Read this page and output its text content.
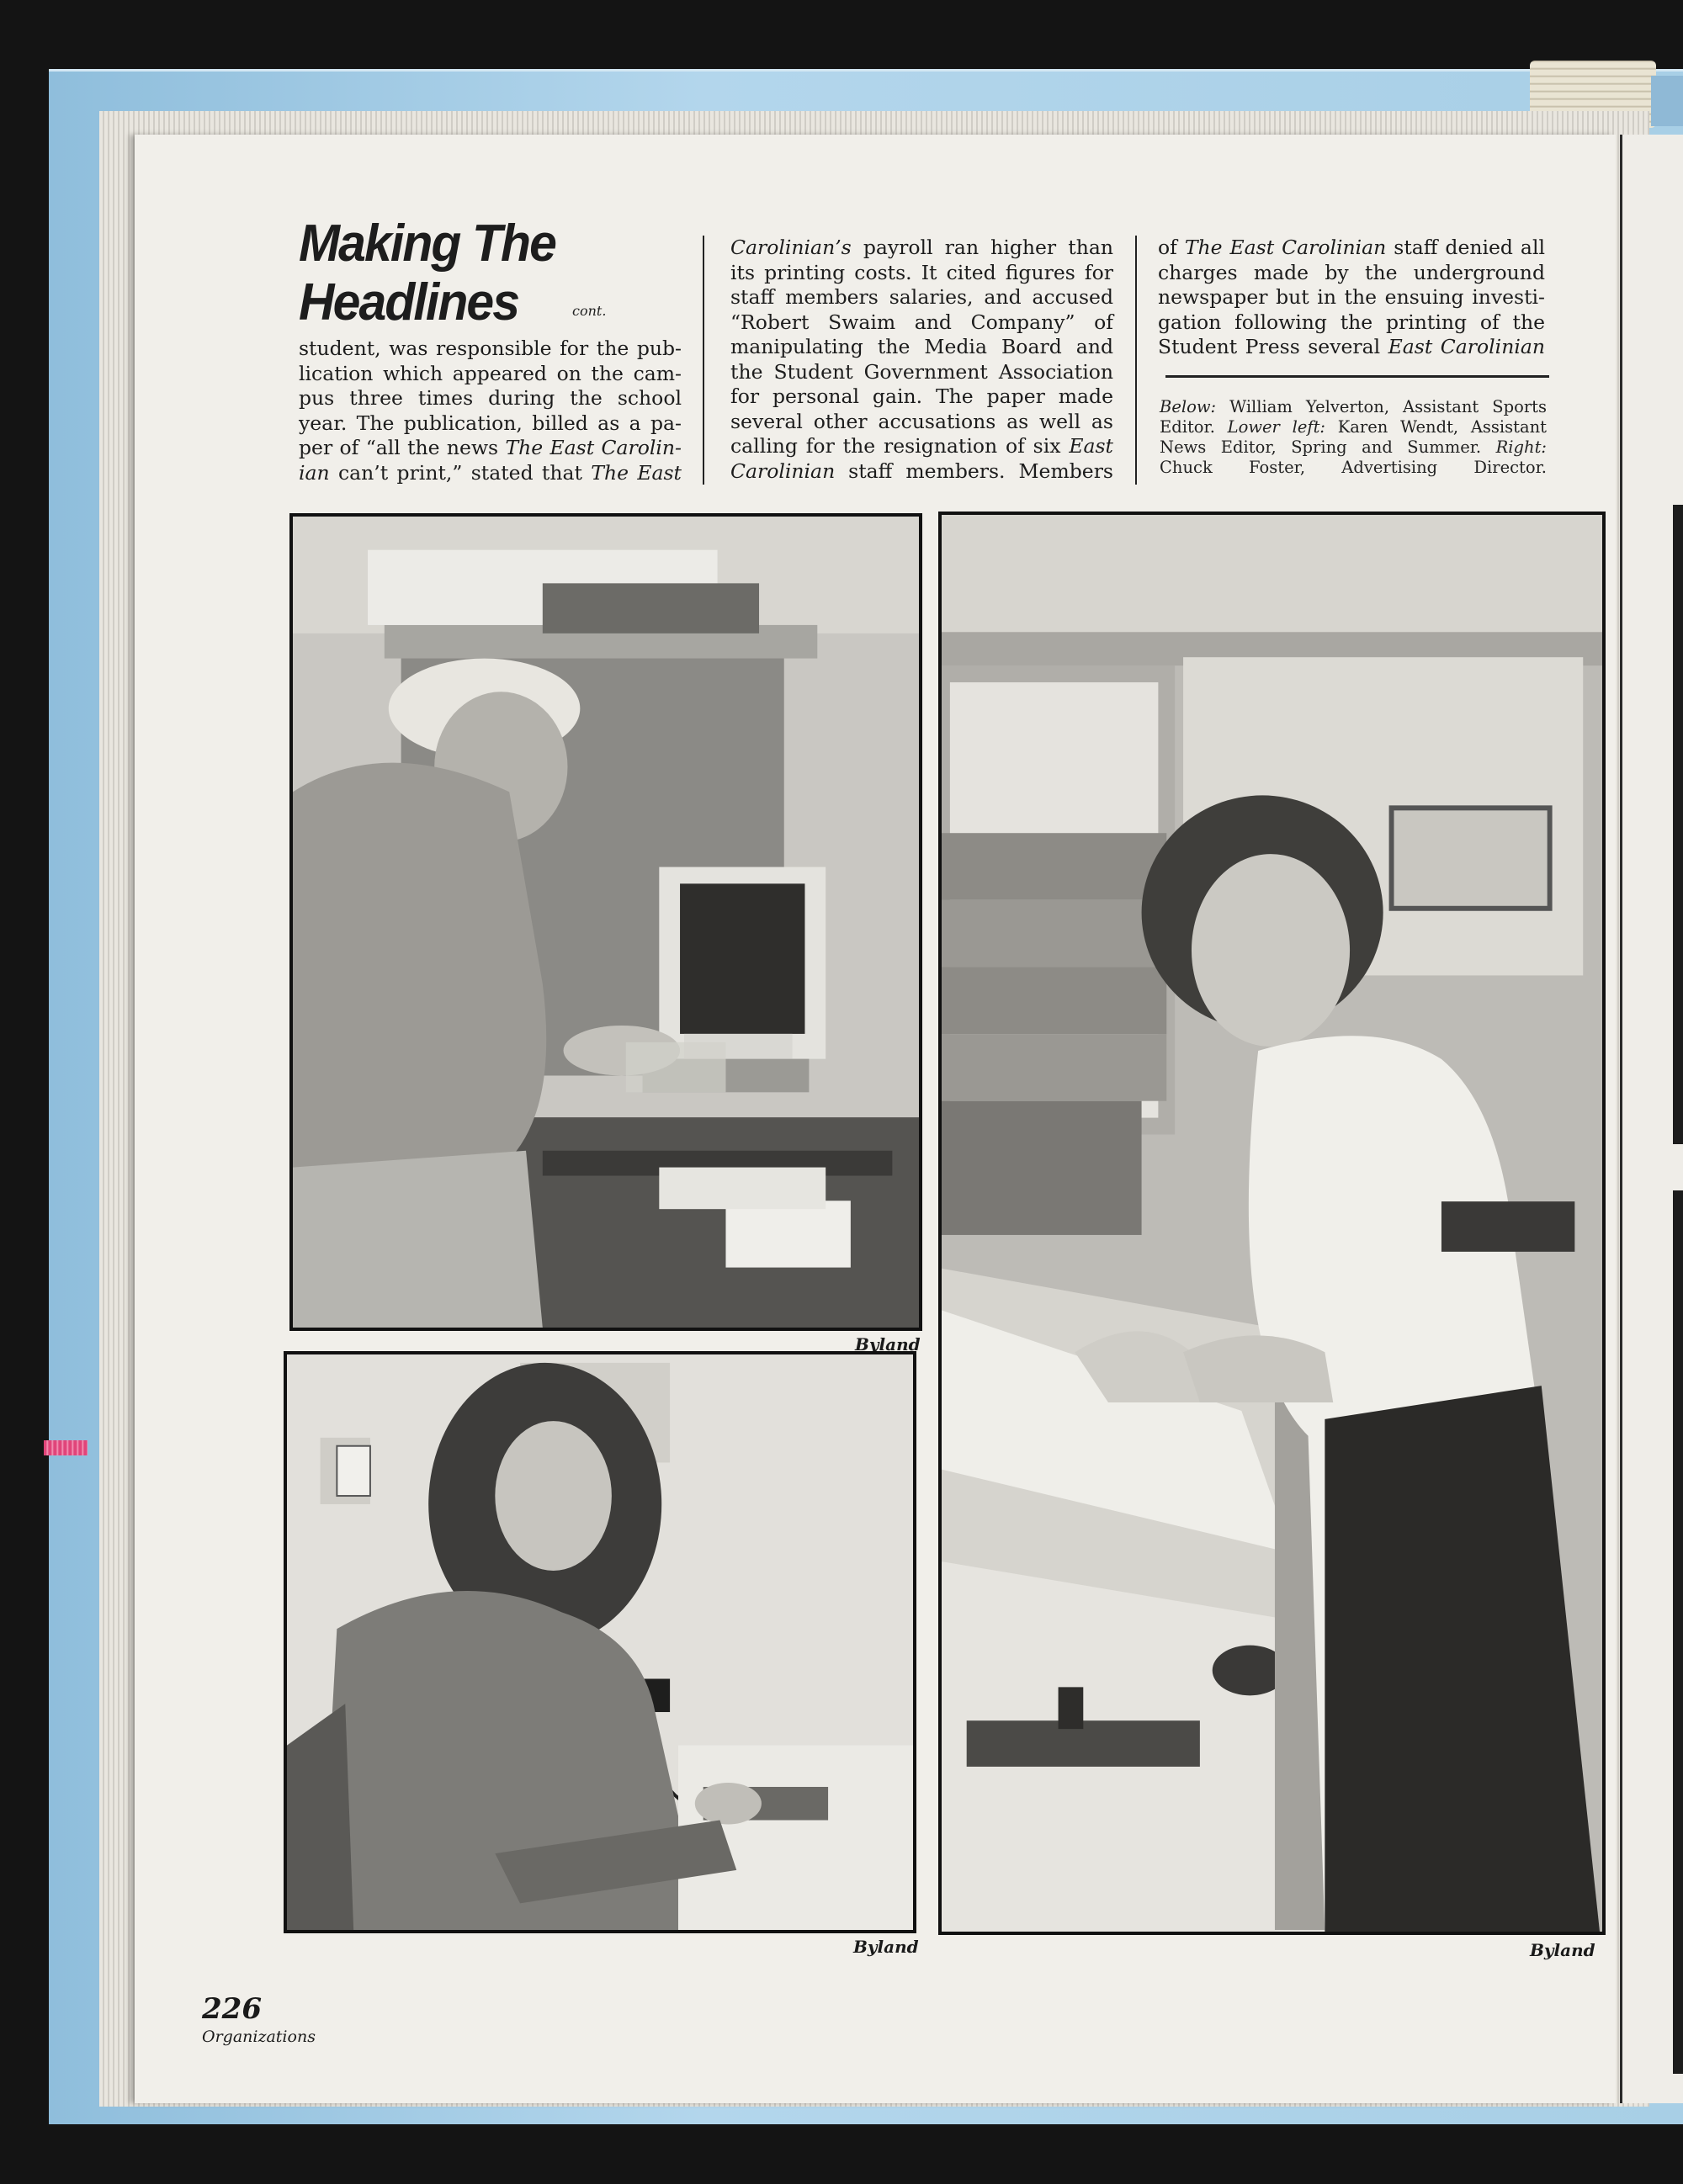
Making The
Headlines	cont.
student, was responsible for the pub-
lication which appeared on the cam-
pus three times during the school
year. The publication, billed as a pa-
per of “all the news The East Carolin-
ian can’t print,” stated that The East
Carolinian’s payroll ran higher than
its printing costs. It cited figures for
staff members salaries, and accused
“Robert Swaim and Company” of
manipulating the Media Board and
the Student Government Association
for personal gain. The paper made
several other accusations as well as
calling for the resignation of six East
Carolinian staff members. Members
of The East Carolinian staff denied all
charges made by the underground
newspaper but in the ensuing investi-
gation following the printing of the
Student Press several East Carolinian
Below: William Yelverton, Assistant Sports Editor. Lower left: Karen Wendt, Assistant News Editor, Spring and Summer. Right: Chuck Foster, Advertising Director.
Byland
Byland	Byland
226
Organizations
